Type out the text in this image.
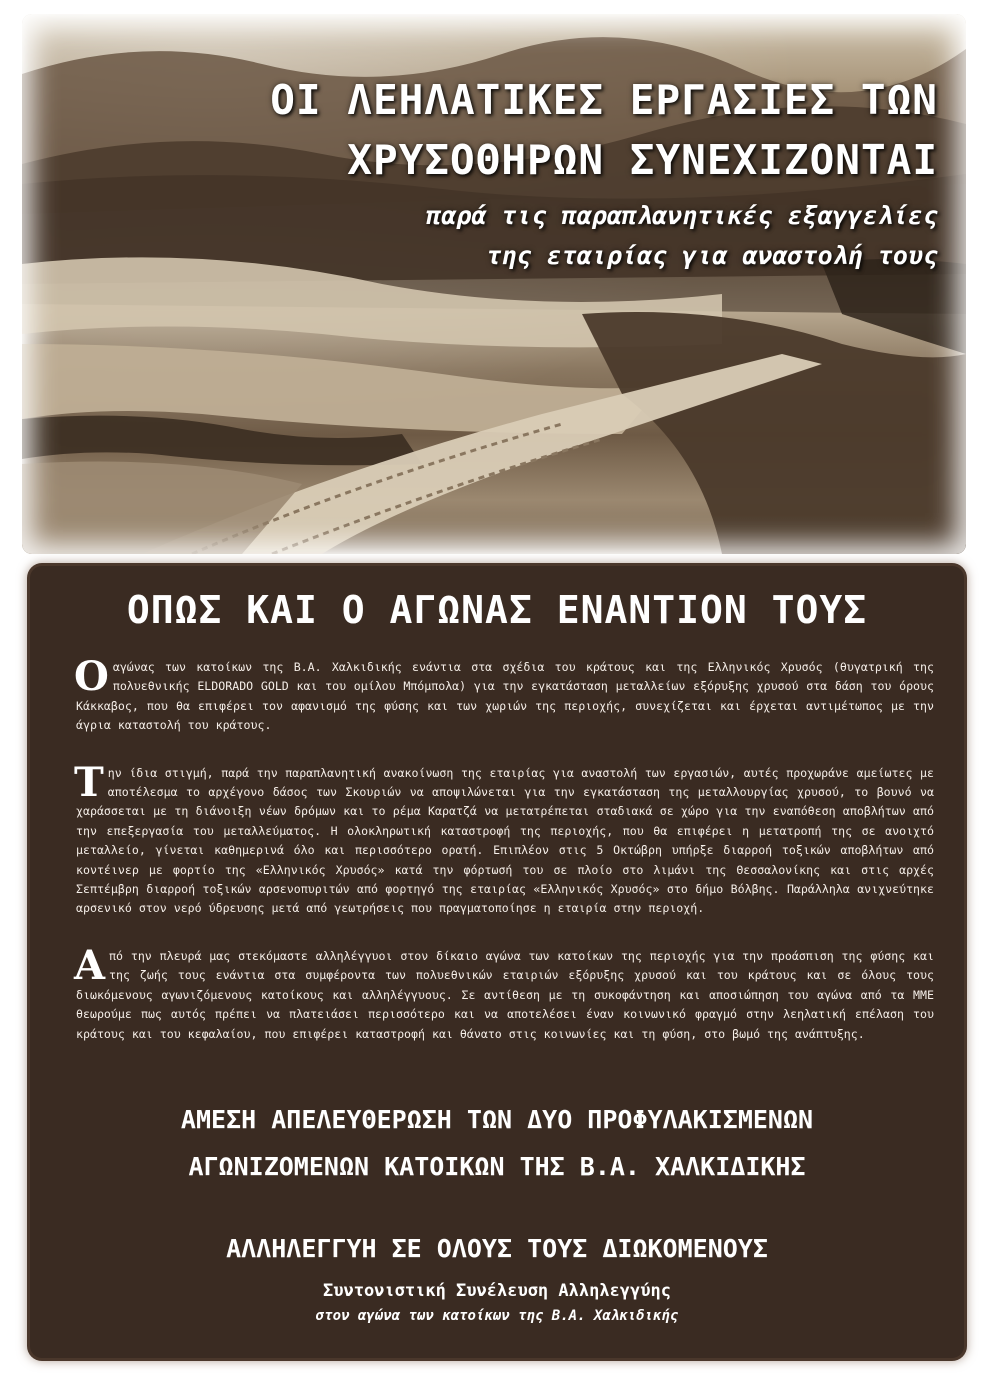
ΟΙ ΛΕΗΛΑΤΙΚΕΣ ΕΡΓΑΣΙΕΣ ΤΩΝ
ΧΡΥΣΟΘΗΡΩΝ ΣΥΝΕΧΙΖΟΝΤΑΙ
παρά τις παραπλανητικές εξαγγελίες
της εταιρίας για αναστολή τους
ΟΠΩΣ ΚΑΙ Ο ΑΓΩΝΑΣ ΕΝΑΝΤΙΟΝ ΤΟΥΣ

Ο αγώνας των κατοίκων της Β.Α. Χαλκιδικής ενάντια στα σχέδια του κράτους και της Ελληνικός Χρυσός (θυγατρική της πολυεθνικής ELDORADO GOLD και του ομίλου Μπόμπολα) για την εγκατάσταση μεταλλείων εξόρυξης χρυσού στα δάση του όρους Κάκκαβος, που θα επιφέρει τον αφανισμό της φύσης και των χωριών της περιοχής, συνεχίζεται και έρχεται αντιμέτωπος με την άγρια καταστολή του κράτους.

Την ίδια στιγμή, παρά την παραπλανητική ανακοίνωση της εταιρίας για αναστολή των εργασιών, αυτές προχωράνε αμείωτες με αποτέλεσμα το αρχέγονο δάσος των Σκουριών να αποψιλώνεται για την εγκατάσταση της μεταλλουργίας χρυσού, το βουνό να χαράσσεται με τη διάνοιξη νέων δρόμων και το ρέμα Καρατζά να μετατρέπεται σταδιακά σε χώρο για την εναπόθεση αποβλήτων από την επεξεργασία του μεταλλεύματος. Η ολοκληρωτική καταστροφή της περιοχής, που θα επιφέρει η μετατροπή της σε ανοιχτό μεταλλείο, γίνεται καθημερινά όλο και περισσότερο ορατή. Επιπλέον στις 5 Οκτώβρη υπήρξε διαρροή τοξικών αποβλήτων από κοντέινερ με φορτίο της «Ελληνικός Χρυσός» κατά την φόρτωσή του σε πλοίο στο λιμάνι της Θεσσαλονίκης και στις αρχές Σεπτέμβρη διαρροή τοξικών αρσενοπυριτών από φορτηγό της εταιρίας «Ελληνικός Χρυσός» στο δήμο Βόλβης. Παράλληλα ανιχνεύτηκε αρσενικό στον νερό ύδρευσης μετά από γεωτρήσεις που πραγματοποίησε η εταιρία στην περιοχή.

Από την πλευρά μας στεκόμαστε αλληλέγγυοι στον δίκαιο αγώνα των κατοίκων της περιοχής για την προάσπιση της φύσης και της ζωής τους ενάντια στα συμφέροντα των πολυεθνικών εταιριών εξόρυξης χρυσού και του κράτους και σε όλους τους διωκόμενους αγωνιζόμενους κατοίκους και αλληλέγγυους. Σε αντίθεση με τη συκοφάντηση και αποσιώπηση του αγώνα από τα ΜΜΕ θεωρούμε πως αυτός πρέπει να πλατειάσει περισσότερο και να αποτελέσει έναν κοινωνικό φραγμό στην λεηλατική επέλαση του κράτους και του κεφαλαίου, που επιφέρει καταστροφή και θάνατο στις κοινωνίες και τη φύση, στο βωμό της ανάπτυξης.

ΑΜΕΣΗ ΑΠΕΛΕΥΘΕΡΩΣΗ ΤΩΝ ΔΥΟ ΠΡΟΦΥΛΑΚΙΣΜΕΝΩΝ
ΑΓΩΝΙΖΟΜΕΝΩΝ ΚΑΤΟΙΚΩΝ ΤΗΣ Β.Α. ΧΑΛΚΙΔΙΚΗΣ
ΑΛΛΗΛΕΓΓΥΗ ΣΕ ΟΛΟΥΣ ΤΟΥΣ ΔΙΩΚΟΜΕΝΟΥΣ
Συντονιστική Συνέλευση Αλληλεγγύης
στον αγώνα των κατοίκων της Β.Α. Χαλκιδικής
